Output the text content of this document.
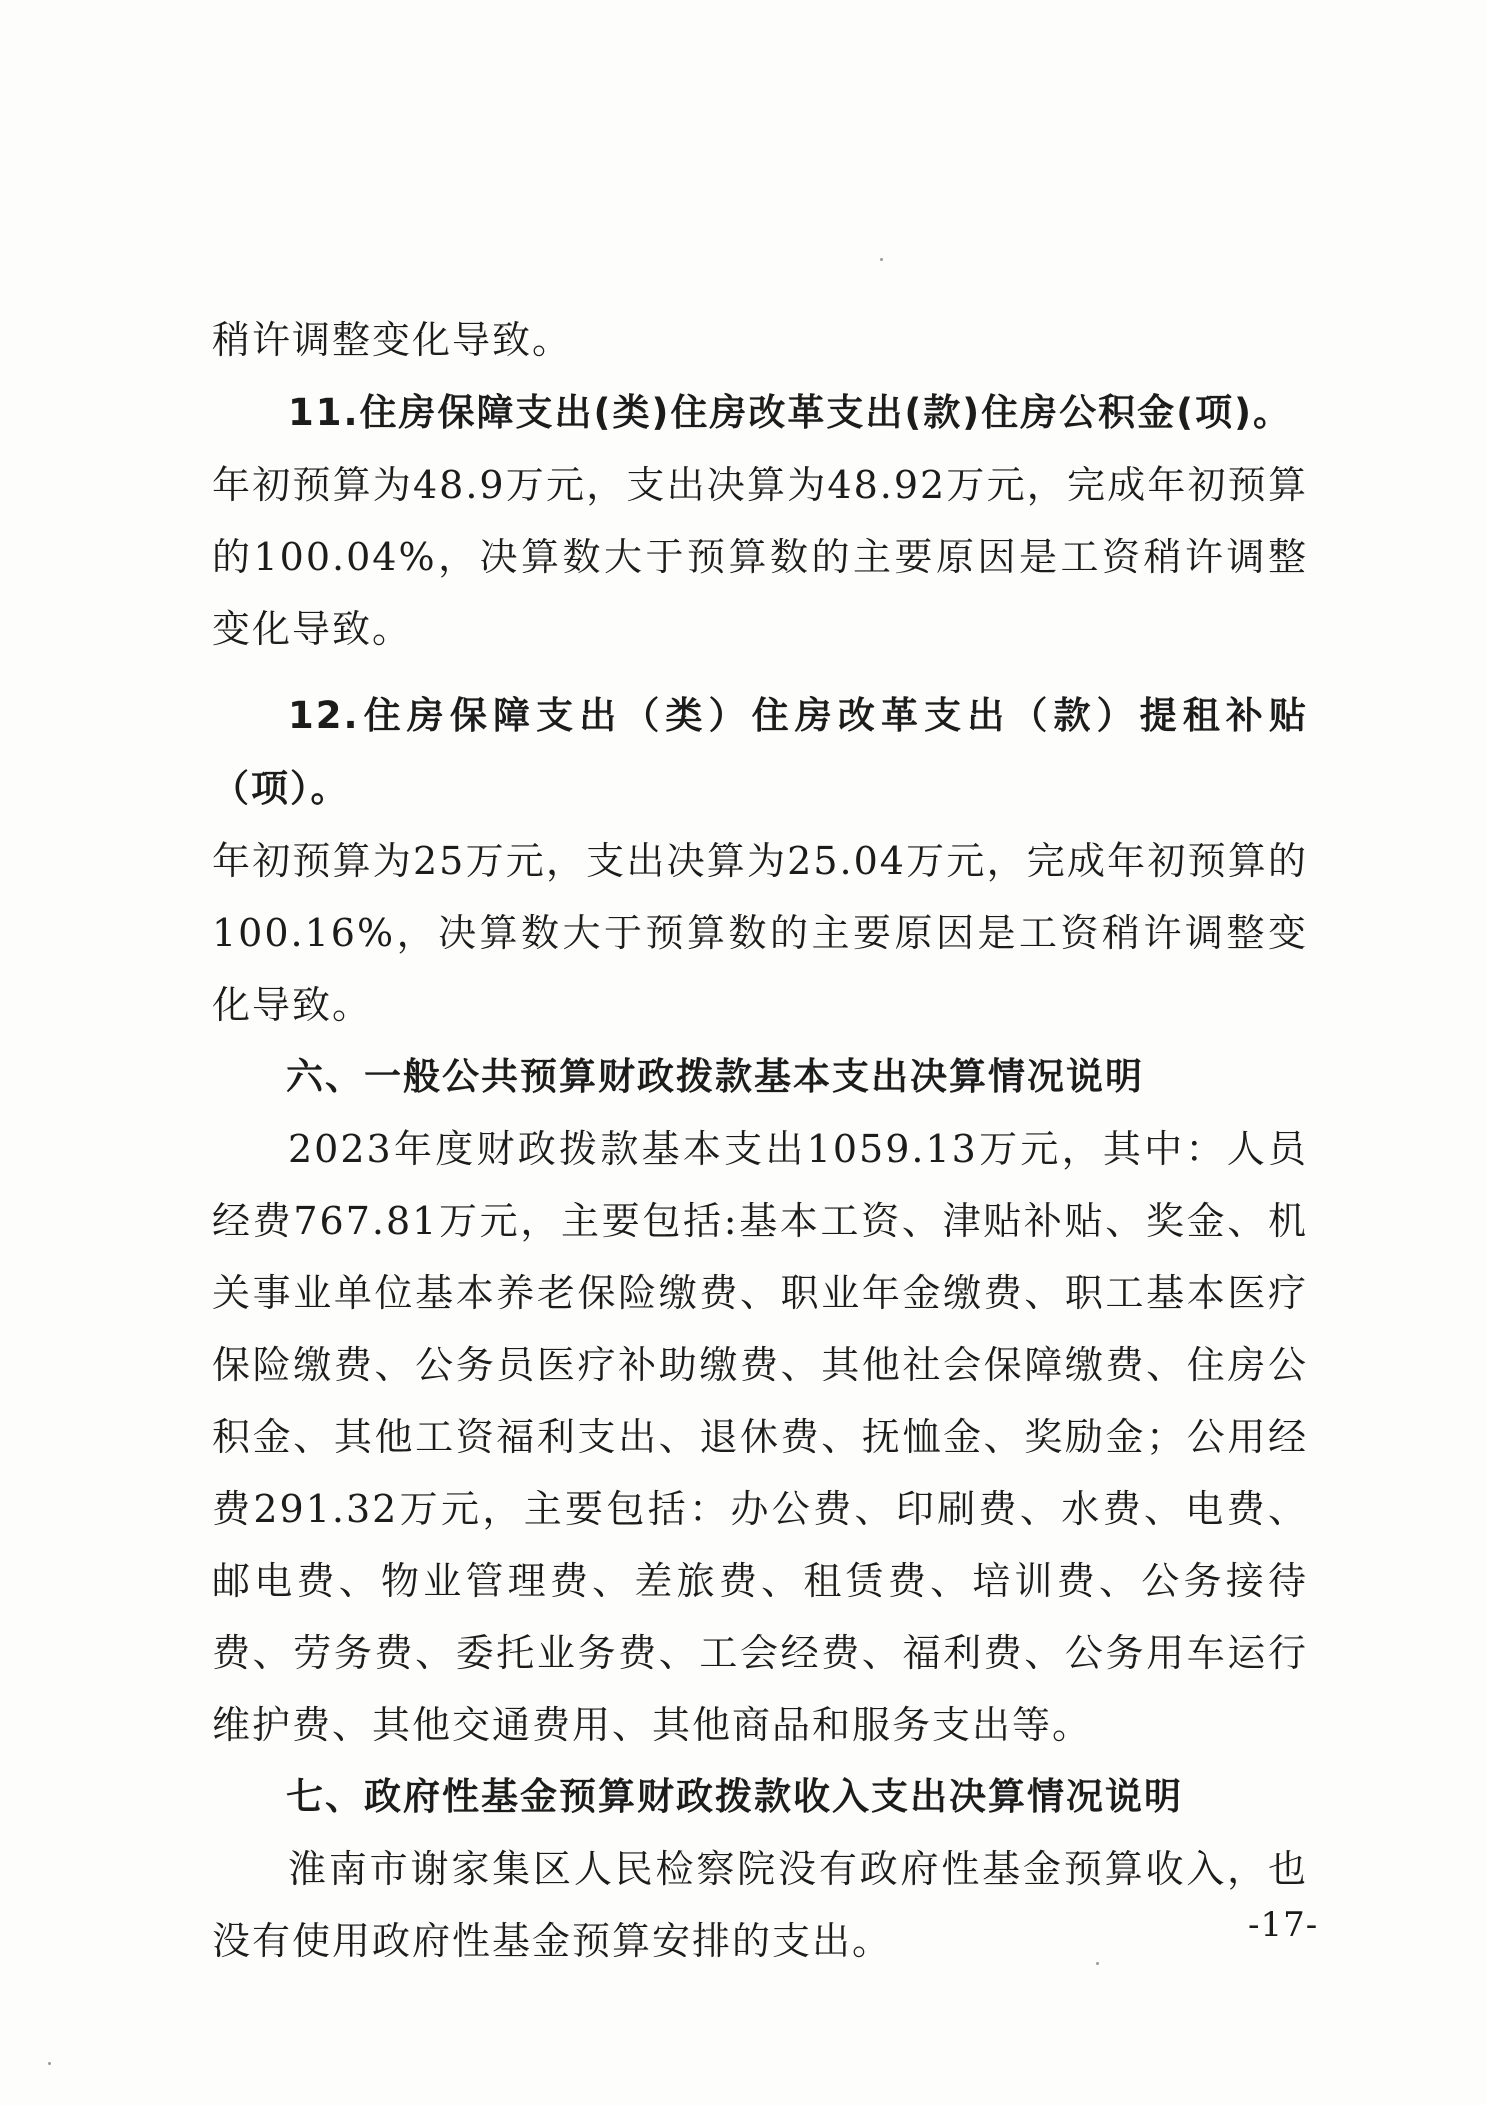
稍许调整变化导致。

11.住房保障支出(类)住房改革支出(款)住房公积金(项)。

年初预算为48.9万元，支出决算为48.92万元，完成年初预算的100.04%，决算数大于预算数的主要原因是工资稍许调整变化导致。

12.住房保障支出（类）住房改革支出（款）提租补贴（项）。

年初预算为25万元，支出决算为25.04万元，完成年初预算的100.16%，决算数大于预算数的主要原因是工资稍许调整变化导致。

六、一般公共预算财政拨款基本支出决算情况说明

2023年度财政拨款基本支出1059.13万元，其中：人员经费767.81万元，主要包括:基本工资、津贴补贴、奖金、机关事业单位基本养老保险缴费、职业年金缴费、职工基本医疗保险缴费、公务员医疗补助缴费、其他社会保障缴费、住房公积金、其他工资福利支出、退休费、抚恤金、奖励金；公用经费291.32万元，主要包括：办公费、印刷费、水费、电费、邮电费、物业管理费、差旅费、租赁费、培训费、公务接待费、劳务费、委托业务费、工会经费、福利费、公务用车运行维护费、其他交通费用、其他商品和服务支出等。

七、政府性基金预算财政拨款收入支出决算情况说明

淮南市谢家集区人民检察院没有政府性基金预算收入，也没有使用政府性基金预算安排的支出。	-17-
